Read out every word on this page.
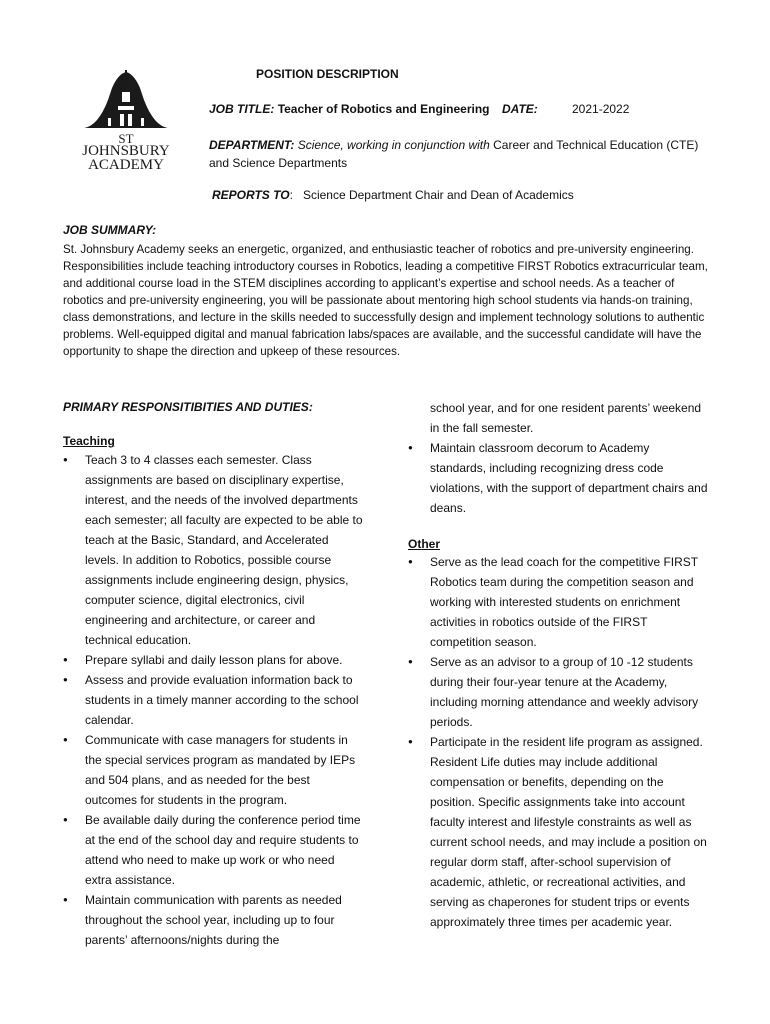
ST
JOHNSBURY
ACADEMY
POSITION DESCRIPTION
JOB TITLE: Teacher of Robotics and Engineering DATE:	2021-2022
DEPARTMENT: Science, working in conjunction with Career and Technical Education (CTE) and Science Departments
REPORTS TO: Science Department Chair and Dean of Academics
JOB SUMMARY:
St. Johnsbury Academy seeks an energetic, organized, and enthusiastic teacher of robotics and pre-university engineering. Responsibilities include teaching introductory courses in Robotics, leading a competitive FIRST Robotics extracurricular team, and additional course load in the STEM disciplines according to applicant’s expertise and school needs. As a teacher of robotics and pre-university engineering, you will be passionate about mentoring high school students via hands-on training, class demonstrations, and lecture in the skills needed to successfully design and implement technology solutions to authentic problems. Well-equipped digital and manual fabrication labs/spaces are available, and the successful candidate will have the opportunity to shape the direction and upkeep of these resources.
PRIMARY RESPONSITIBITIES AND DUTIES:
Teaching
● Teach 3 to 4 classes each semester. Class assignments are based on disciplinary expertise, interest, and the needs of the involved departments each semester; all faculty are expected to be able to teach at the Basic, Standard, and Accelerated levels. In addition to Robotics, possible course assignments include engineering design, physics, computer science, digital electronics, civil engineering and architecture, or career and technical education.
● Prepare syllabi and daily lesson plans for above.
● Assess and provide evaluation information back to students in a timely manner according to the school calendar.
● Communicate with case managers for students in the special services program as mandated by IEPs and 504 plans, and as needed for the best outcomes for students in the program.
● Be available daily during the conference period time at the end of the school day and require students to attend who need to make up work or who need extra assistance.
● Maintain communication with parents as needed throughout the school year, including up to four parents’ afternoons/nights during the
school year, and for one resident parents’ weekend in the fall semester.
● Maintain classroom decorum to Academy standards, including recognizing dress code violations, with the support of department chairs and deans.
Other
● Serve as the lead coach for the competitive FIRST Robotics team during the competition season and working with interested students on enrichment activities in robotics outside of the FIRST competition season.
● Serve as an advisor to a group of 10 -12 students during their four-year tenure at the Academy, including morning attendance and weekly advisory periods.
● Participate in the resident life program as assigned. Resident Life duties may include additional compensation or benefits, depending on the position. Specific assignments take into account faculty interest and lifestyle constraints as well as current school needs, and may include a position on regular dorm staff, after-school supervision of academic, athletic, or recreational activities, and serving as chaperones for student trips or events approximately three times per academic year.
